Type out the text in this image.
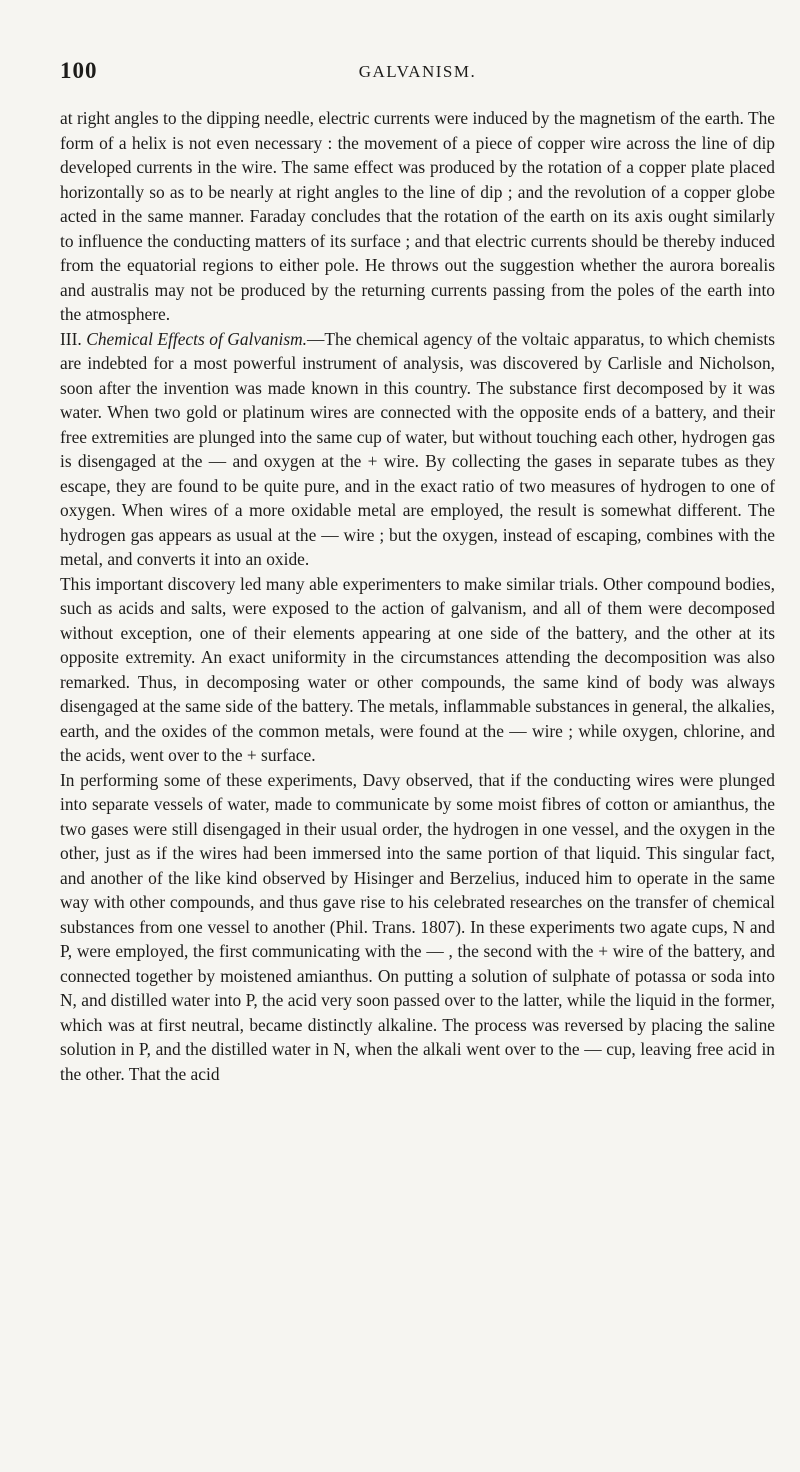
100	GALVANISM.

at right angles to the dipping needle, electric currents were induced by the magnetism of the earth. The form of a helix is not even necessary : the movement of a piece of copper wire across the line of dip developed currents in the wire. The same effect was produced by the rotation of a copper plate placed horizontally so as to be nearly at right angles to the line of dip ; and the revolution of a copper globe acted in the same manner. Faraday concludes that the rotation of the earth on its axis ought similarly to influence the conducting matters of its surface ; and that electric currents should be thereby induced from the equatorial regions to either pole. He throws out the suggestion whether the aurora borealis and australis may not be produced by the returning currents passing from the poles of the earth into the atmosphere.

III. Chemical Effects of Galvanism.—The chemical agency of the voltaic apparatus, to which chemists are indebted for a most powerful instrument of analysis, was discovered by Carlisle and Nicholson, soon after the invention was made known in this country. The substance first decomposed by it was water. When two gold or platinum wires are connected with the opposite ends of a battery, and their free extremities are plunged into the same cup of water, but without touching each other, hydrogen gas is disengaged at the — and oxygen at the + wire. By collecting the gases in separate tubes as they escape, they are found to be quite pure, and in the exact ratio of two measures of hydrogen to one of oxygen. When wires of a more oxidable metal are employed, the result is somewhat different. The hydrogen gas appears as usual at the — wire ; but the oxygen, instead of escaping, combines with the metal, and converts it into an oxide.

This important discovery led many able experimenters to make similar trials. Other compound bodies, such as acids and salts, were exposed to the action of galvanism, and all of them were decomposed without exception, one of their elements appearing at one side of the battery, and the other at its opposite extremity. An exact uniformity in the circumstances attending the decomposition was also remarked. Thus, in decomposing water or other compounds, the same kind of body was always disengaged at the same side of the battery. The metals, inflammable substances in general, the alkalies, earth, and the oxides of the common metals, were found at the — wire ; while oxygen, chlorine, and the acids, went over to the + surface.

In performing some of these experiments, Davy observed, that if the conducting wires were plunged into separate vessels of water, made to communicate by some moist fibres of cotton or amianthus, the two gases were still disengaged in their usual order, the hydrogen in one vessel, and the oxygen in the other, just as if the wires had been immersed into the same portion of that liquid. This singular fact, and another of the like kind observed by Hisinger and Berzelius, induced him to operate in the same way with other compounds, and thus gave rise to his celebrated researches on the transfer of chemical substances from one vessel to another (Phil. Trans. 1807). In these experiments two agate cups, N and P, were employed, the first communicating with the — , the second with the + wire of the battery, and connected together by moistened amianthus. On putting a solution of sulphate of potassa or soda into N, and distilled water into P, the acid very soon passed over to the latter, while the liquid in the former, which was at first neutral, became distinctly alkaline. The process was reversed by placing the saline solution in P, and the distilled water in N, when the alkali went over to the — cup, leaving free acid in the other. That the acid
